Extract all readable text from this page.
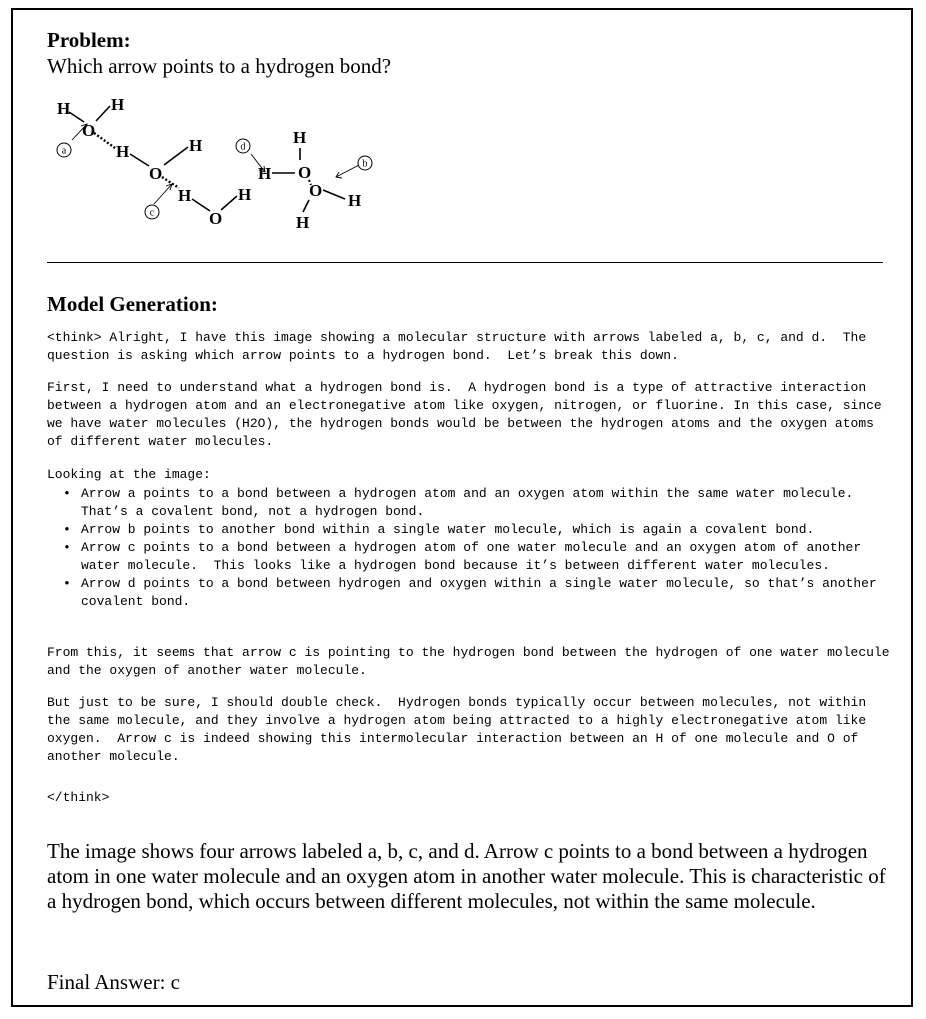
Problem:
Which arrow points to a hydrogen bond?
H H
O
H
O
H
H
O
H
H
H O
O
H
H
a
b
c
d
Model Generation:

<think> Alright, I have this image showing a molecular structure with arrows labeled a, b, c, and d.  The question is asking which arrow points to a hydrogen bond.  Let’s break this down.

First, I need to understand what a hydrogen bond is.  A hydrogen bond is a type of attractive interaction between a hydrogen atom and an electronegative atom like oxygen, nitrogen, or fluorine. In this case, since we have water molecules (H2O), the hydrogen bonds would be between the hydrogen atoms and the oxygen atoms of different water molecules.

Looking at the image:

• Arrow a points to a bond between a hydrogen atom and an oxygen atom within the same water molecule.  That’s a covalent bond, not a hydrogen bond.
• Arrow b points to another bond within a single water molecule, which is again a covalent bond.
• Arrow c points to a bond between a hydrogen atom of one water molecule and an oxygen atom of another water molecule.  This looks like a hydrogen bond because it’s between different water molecules.
• Arrow d points to a bond between hydrogen and oxygen within a single water molecule, so that’s another covalent bond.

From this, it seems that arrow c is pointing to the hydrogen bond between the hydrogen of one water molecule and the oxygen of another water molecule.

But just to be sure, I should double check.  Hydrogen bonds typically occur between molecules, not within the same molecule, and they involve a hydrogen atom being attracted to a highly electronegative atom like oxygen.  Arrow c is indeed showing this intermolecular interaction between an H of one molecule and O of another molecule.

</think>

The image shows four arrows labeled a, b, c, and d. Arrow c points to a bond between a hydrogen atom in one water molecule and an oxygen atom in another water molecule. This is characteristic of a hydrogen bond, which occurs between different molecules, not within the same molecule.

Final Answer: c
